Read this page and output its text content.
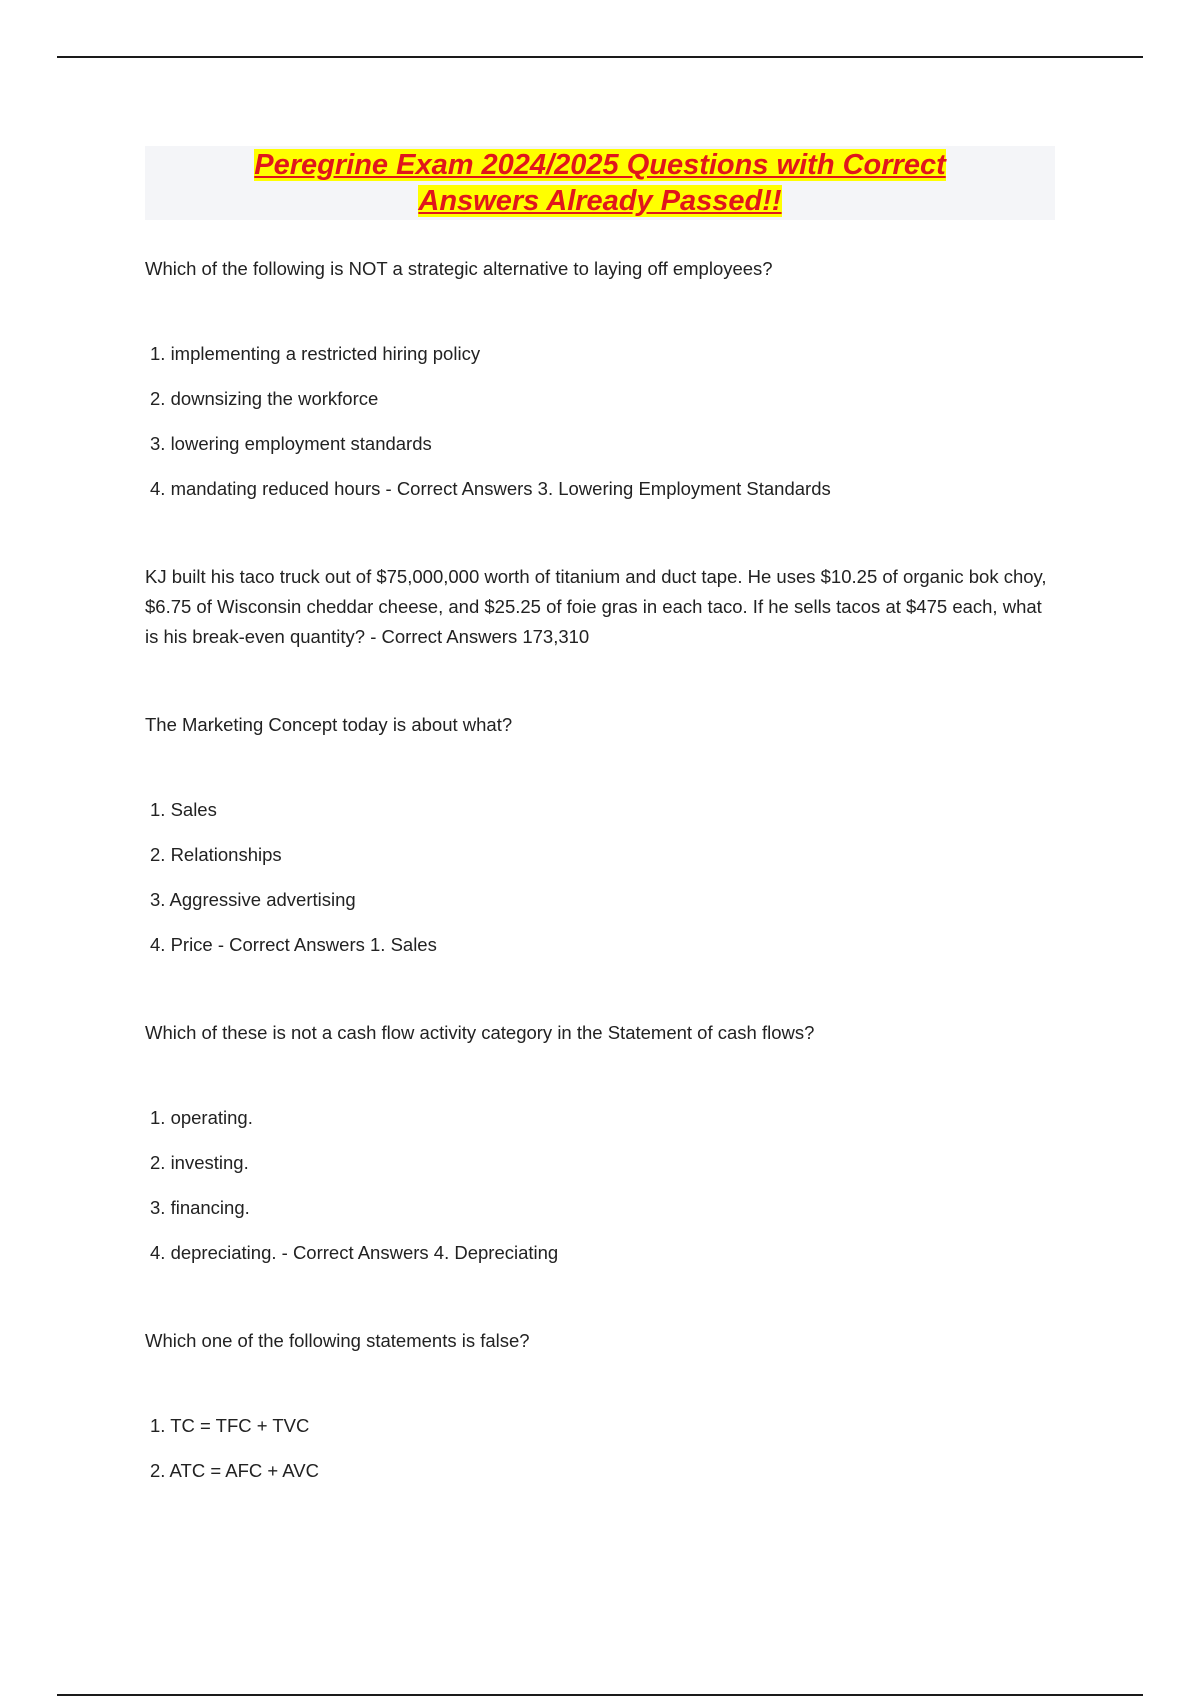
Peregrine Exam 2024/2025 Questions with Correct
Answers Already Passed!!

Which of the following is NOT a strategic alternative to laying off employees?

1. implementing a restricted hiring policy
2. downsizing the workforce
3. lowering employment standards
4. mandating reduced hours - Correct Answers 3. Lowering Employment Standards

KJ built his taco truck out of $75,000,000 worth of titanium and duct tape. He uses $10.25 of organic bok choy, $6.75 of Wisconsin cheddar cheese, and $25.25 of foie gras in each taco. If he sells tacos at $475 each, what is his break-even quantity? - Correct Answers 173,310

The Marketing Concept today is about what?

1. Sales
2. Relationships
3. Aggressive advertising
4. Price - Correct Answers 1. Sales

Which of these is not a cash flow activity category in the Statement of cash flows?

1. operating.
2. investing.
3. financing.
4. depreciating. - Correct Answers 4. Depreciating

Which one of the following statements is false?

1. TC = TFC + TVC
2. ATC = AFC + AVC
